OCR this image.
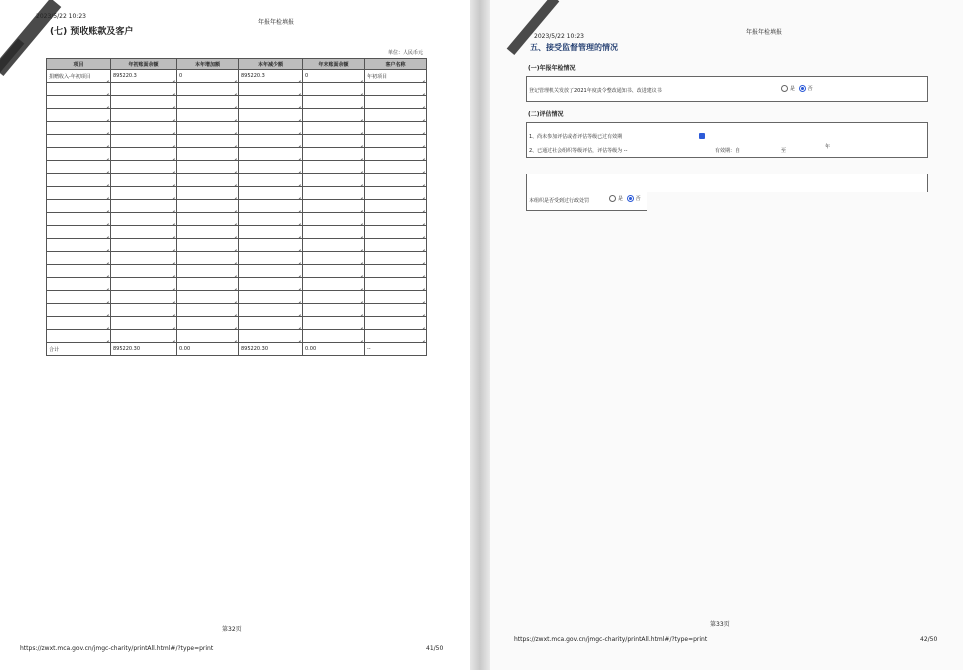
2023/5/22 10:23
年报年检填报
(七) 预收账款及客户
单位：人民币元
项目	年初账面余额	本年增加额	本年减少额	年末账面余额	客户名称
捐赠收入-年初项目	895220.3	0	895220.3	0	年初项目

合计	895220.30	0.00	895220.30	0.00	--
第32页
https://zwxt.mca.gov.cn/jmgc-charity/printAll.html#/?type=print	41/50
2023/5/22 10:23
年报年检填报
五、接受监督管理的情况
(一)年报年检情况
登记管理机关发放了2021年度责令整改通知书、改进建议书	是	否
(二)评估情况
1、尚未参加评估或者评估等级已过有效期
2、已通过社会组织等级评估，评估等级为 --	有效期：自	至
年
本组织是否受到过行政处罚	是	否
第33页
https://zwxt.mca.gov.cn/jmgc-charity/printAll.html#/?type=print	42/50
